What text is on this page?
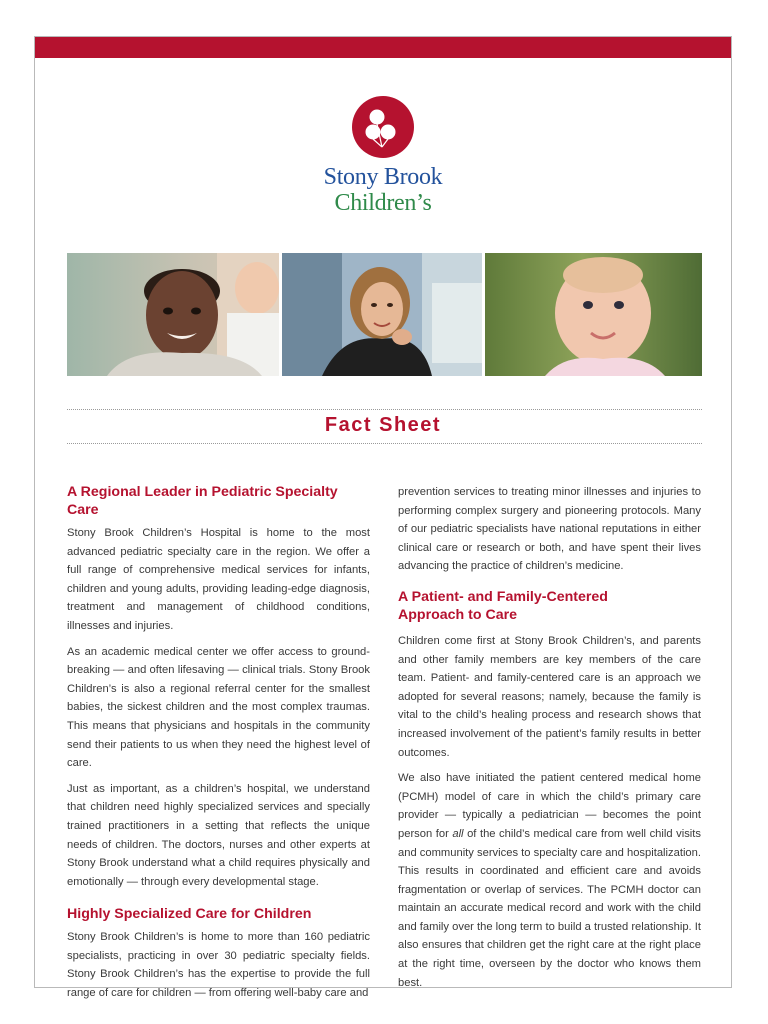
Stony Brook
Children’s
Fact Sheet
A Regional Leader in Pediatric Specialty Care

Stony Brook Children’s Hospital is home to the most advanced pediatric specialty care in the region. We offer a full range of comprehensive medical services for infants, children and young adults, providing leading-edge diagnosis, treatment and management of childhood conditions, illnesses and injuries.

As an academic medical center we offer access to ground-breaking — and often lifesaving — clinical trials. Stony Brook Children’s is also a regional referral center for the smallest babies, the sickest children and the most complex traumas. This means that physicians and hospitals in the community send their patients to us when they need the highest level of care.

Just as important, as a children’s hospital, we understand that children need highly specialized services and specially trained practitioners in a setting that reflects the unique needs of children. The doctors, nurses and other experts at Stony Brook understand what a child requires physically and emotionally — through every developmental stage.

Highly Specialized Care for Children

Stony Brook Children’s is home to more than 160 pediatric specialists, practicing in over 30 pediatric specialty fields. Stony Brook Children’s has the expertise to provide the full range of care for children — from offering well-baby care and

prevention services to treating minor illnesses and injuries to performing complex surgery and pioneering protocols. Many of our pediatric specialists have national reputations in either clinical care or research or both, and have spent their lives advancing the practice of children’s medicine.

A Patient- and Family-Centered
Approach to Care

Children come first at Stony Brook Children’s, and parents and other family members are key members of the care team. Patient- and family-centered care is an approach we adopted for several reasons; namely, because the family is vital to the child’s healing process and research shows that increased involvement of the patient’s family results in better outcomes.

We also have initiated the patient centered medical home (PCMH) model of care in which the child’s primary care provider — typically a pediatrician — becomes the point person for all of the child’s medical care from well child visits and community services to specialty care and hospitalization. This results in coordinated and efficient care and avoids fragmentation or overlap of services. The PCMH doctor can maintain an accurate medical record and work with the child and family over the long term to build a trusted relationship. It also ensures that children get the right care at the right place at the right time, overseen by the doctor who knows them best.
